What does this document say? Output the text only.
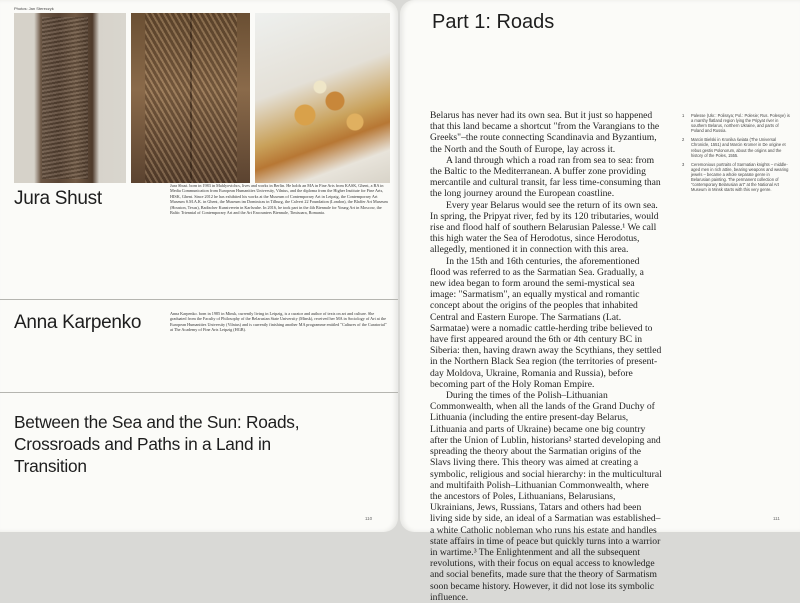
Photos: Jan Stereczyk
Jura Shust
Jura Shust. born in 1983 in Mahlyovichcs, lives and works in Berlin. He holds an MA in Fine Arts from KASK, Ghent, a BA in Media Communication from European Humanities University, Vilnius, and the diploma from the Higher Institute for Fine Arts, HISK, Ghent. Since 2012 he has exhibited his works at the Museum of Contemporary Art in Leipzig, the Contemporary Art Museum S.M.A.K. in Ghent, the Museum im Dominicas in Tilburg, the Calvert 22 Foundation (London), the Blaffer Art Museum (Houston, Texas), Badischer Kunstverein in Karlsruhe. In 2016, he took part in the 4th Biennale for Young Art in Moscow, the Baltic Triennial of Contemporary Art and the Art Encounters Biennale, Timisoara, Romania.
Anna Karpenko	Anna Karpenko. born in 1985 in Minsk, currently living in Leipzig, is a curator and author of texts on art and culture. She graduated from the Faculty of Philosophy of the Belarusian State University (Minsk), received her MA in Sociology of Art at the European Humanities University (Vilnius) and is currently finishing another MA programme entitled "Cultures of the Curatorial" at The Academy of Fine Arts Leipzig (HGB).
Between the Sea and the Sun: Roads, Crossroads and Paths in a Land in Transition
110
Part 1: Roads

Belarus has never had its own sea. But it just so happened that this land became a shortcut "from the Varangians to the Greeks"–the route connecting Scandinavia and Byzantium, the North and the South of Europe, lay across it.

A land through which a road ran from sea to sea: from the Baltic to the Mediterranean. A buffer zone providing mercantile and cultural transit, far less time-consuming than the long journey around the European coastline.

Every year Belarus would see the return of its own sea. In spring, the Pripyat river, fed by its 120 tributaries, would rise and flood half of southern Belarusian Palesse.¹ We call this high water the Sea of Herodotus, since Herodotus, allegedly, mentioned it in connection with this area.

In the 15th and 16th centuries, the aforementioned flood was referred to as the Sarmatian Sea. Gradually, a new idea began to form around the semi-mystical sea image: "Sarmatism", an equally mystical and romantic concept about the origins of the peoples that inhabited Central and Eastern Europe. The Sarmatians (Lat. Sarmatae) were a nomadic cattle-herding tribe believed to have first appeared around the 6th or 4th century BC in Siberia: then, having drawn away the Scythians, they settled in the Northern Black Sea region (the territories of present-day Moldova, Ukraine, Romania and Russia), before becoming part of the Holy Roman Empire.

During the times of the Polish–Lithuanian Commonwealth, when all the lands of the Grand Duchy of Lithuania (including the entire present-day Belarus, Lithuania and parts of Ukraine) became one big country after the Union of Lublin, historians² started developing and spreading the theory about the Sarmatian origins of the Slavs living there. This theory was aimed at creating a symbolic, religious and social hierarchy: in the multicultural and multifaith Polish–Lithuanian Commonwealth, where the ancestors of Poles, Lithuanians, Belarusians, Ukrainians, Jews, Russians, Tatars and others had been living side by side, an ideal of a Sarmatian was established–a white Catholic nobleman who runs his estate and handles state affairs in time of peace but quickly turns into a warrior in wartime.³ The Enlightenment and all the subsequent revolutions, with their focus on equal access to knowledge and social benefits, made sure that the theory of Sarmatism soon became history. However, it did not lose its symbolic influence.

1 Palesse (Ukr.: Polissya; Pol.: Polesie; Rus. Polesye) is a marshy flatland region lying the Pripyat river in southern Belarus, northern Ukraine, and parts of Poland and Russia.
2 Marcin Bielski in Kronika świata (The Universal Chronicle, 1551) and Marcin Kromer in De origine et rebus gestis Polonorum, about the origins and the history of the Poles, 1555.
3 Ceremonious portraits of Sarmatian knights – middle-aged men in rich attire, bearing weapons and wearing jewels – became a whole separate genre in Belarusian painting. The permanent collection of "contemporary Belarusian art" at the National Art Museum in Minsk starts with this very genre.
111
